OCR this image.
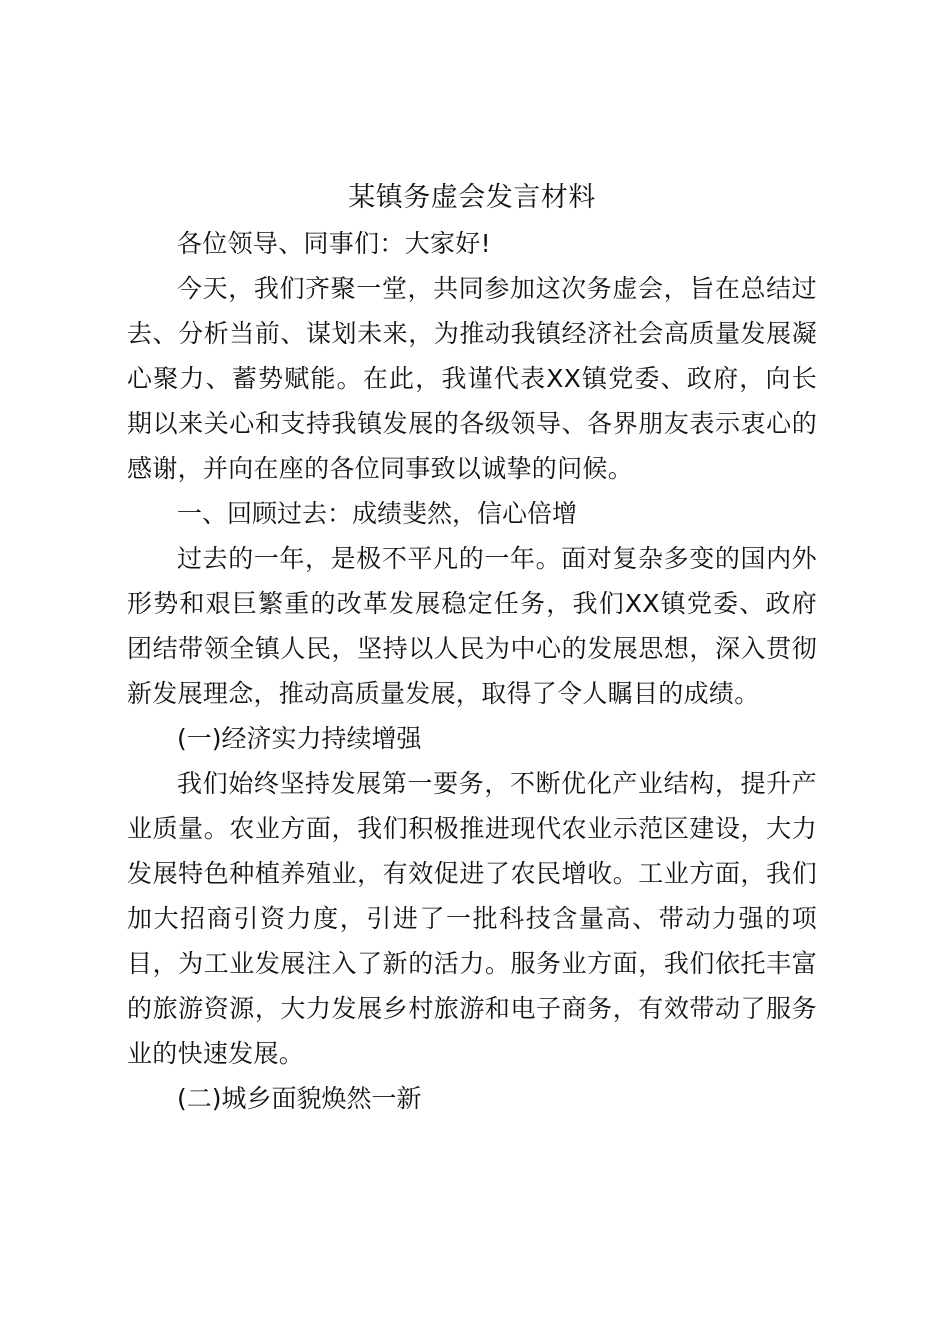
某镇务虚会发言材料

各位领导、同事们：大家好!

今天，我们齐聚一堂，共同参加这次务虚会，旨在总结过去、分析当前、谋划未来，为推动我镇经济社会高质量发展凝心聚力、蓄势赋能。在此，我谨代表XX镇党委、政府，向长期以来关心和支持我镇发展的各级领导、各界朋友表示衷心的感谢，并向在座的各位同事致以诚挚的问候。

一、回顾过去：成绩斐然，信心倍增

过去的一年，是极不平凡的一年。面对复杂多变的国内外形势和艰巨繁重的改革发展稳定任务，我们XX镇党委、政府团结带领全镇人民，坚持以人民为中心的发展思想，深入贯彻新发展理念，推动高质量发展，取得了令人瞩目的成绩。

(一)经济实力持续增强

我们始终坚持发展第一要务，不断优化产业结构，提升产业质量。农业方面，我们积极推进现代农业示范区建设，大力发展特色种植养殖业，有效促进了农民增收。工业方面，我们加大招商引资力度，引进了一批科技含量高、带动力强的项目，为工业发展注入了新的活力。服务业方面，我们依托丰富的旅游资源，大力发展乡村旅游和电子商务，有效带动了服务业的快速发展。

(二)城乡面貌焕然一新
